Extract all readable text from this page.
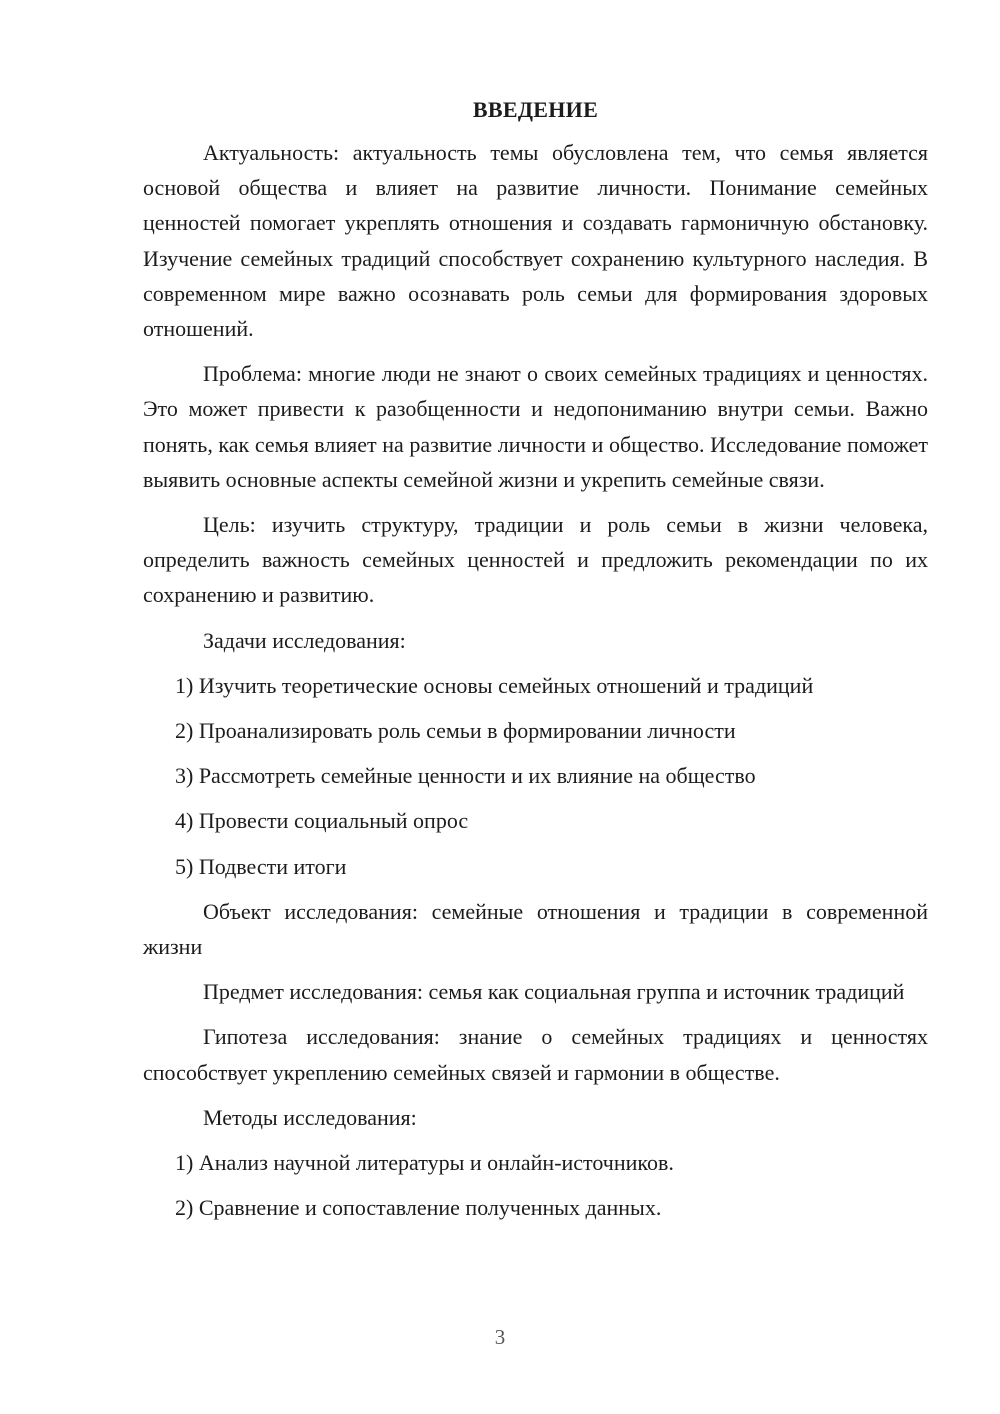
ВВЕДЕНИЕ

Актуальность: актуальность темы обусловлена тем, что семья является основой общества и влияет на развитие личности. Понимание семейных ценностей помогает укреплять отношения и создавать гармоничную обстановку. Изучение семейных традиций способствует сохранению культурного наследия. В современном мире важно осознавать роль семьи для формирования здоровых отношений.

Проблема: многие люди не знают о своих семейных традициях и ценностях. Это может привести к разобщенности и недопониманию внутри семьи. Важно понять, как семья влияет на развитие личности и общество. Исследование поможет выявить основные аспекты семейной жизни и укрепить семейные связи.

Цель: изучить структуру, традиции и роль семьи в жизни человека, определить важность семейных ценностей и предложить рекомендации по их сохранению и развитию.

Задачи исследования:
1) Изучить теоретические основы семейных отношений и традиций
2) Проанализировать роль семьи в формировании личности
3) Рассмотреть семейные ценности и их влияние на общество
4) Провести социальный опрос
5) Подвести итоги

Объект исследования: семейные отношения и традиции в современной жизни

Предмет исследования: семья как социальная группа и источник традиций

Гипотеза исследования: знание о семейных традициях и ценностях способствует укреплению семейных связей и гармонии в обществе.

Методы исследования:
1) Анализ научной литературы и онлайн-источников.
2) Сравнение и сопоставление полученных данных.
3
